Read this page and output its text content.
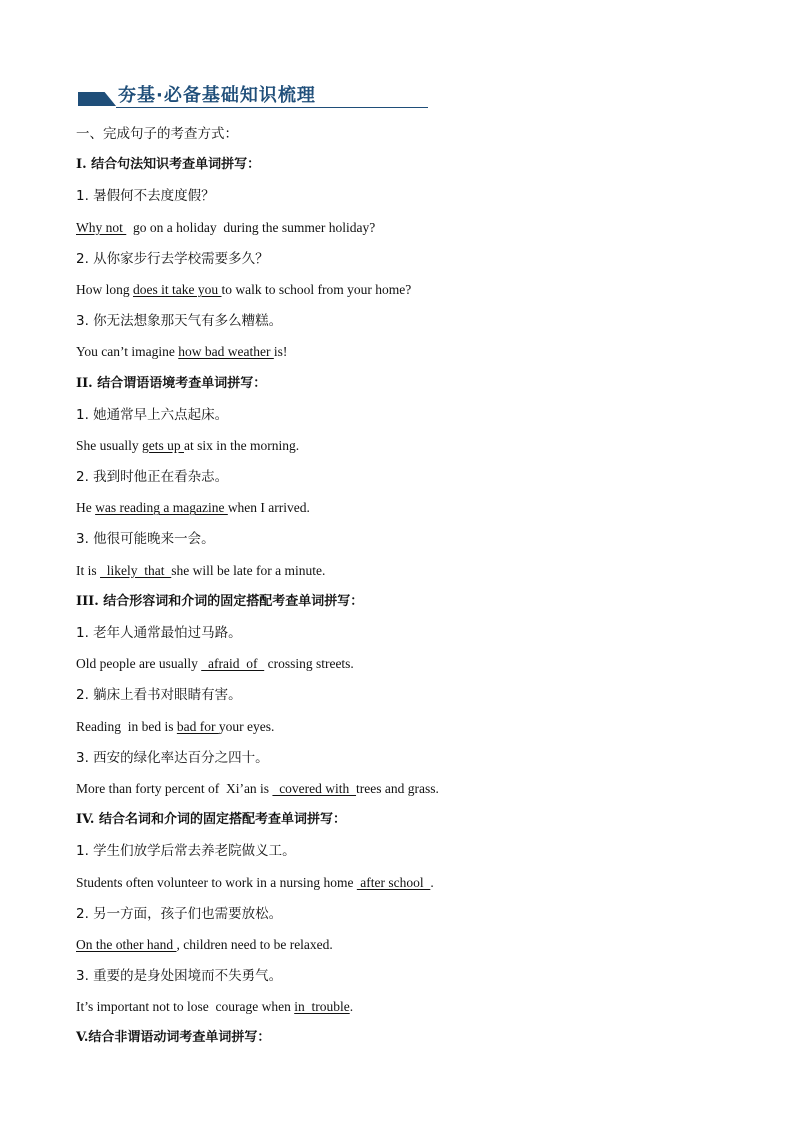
夯基·必备基础知识梳理
一、完成句子的考查方式：
I. 结合句法知识考查单词拼写：
1. 暑假何不去度度假？
Why not   go on a holiday  during the summer holiday?
2. 从你家步行去学校需要多久？
How long does it take you to walk to school from your home?
3. 你无法想象那天气有多么糟糕。
You can’t imagine how bad weather is!
II. 结合谓语语境考查单词拼写：
1. 她通常早上六点起床。
She usually gets up at six in the morning.
2. 我到时他正在看杂志。
He was reading a magazine when I arrived.
3. 他很可能晚来一会。
It is   likely  that  she will be late for a minute.
III. 结合形容词和介词的固定搭配考查单词拼写：
1. 老年人通常最怕过马路。
Old people are usually   afraid  of   crossing streets.
2. 躺床上看书对眼睛有害。
Reading  in bed is bad for your eyes.
3. 西安的绿化率达百分之四十。
More than forty percent of  Xi’an is   covered with  trees and grass.
IV. 结合名词和介词的固定搭配考查单词拼写：
1. 学生们放学后常去养老院做义工。
Students often volunteer to work in a nursing home  after school  .
2. 另一方面，孩子们也需要放松。
On the other hand , children need to be relaxed.
3. 重要的是身处困境而不失勇气。
It’s important not to lose  courage when in  trouble.
V.结合非谓语动词考查单词拼写：
